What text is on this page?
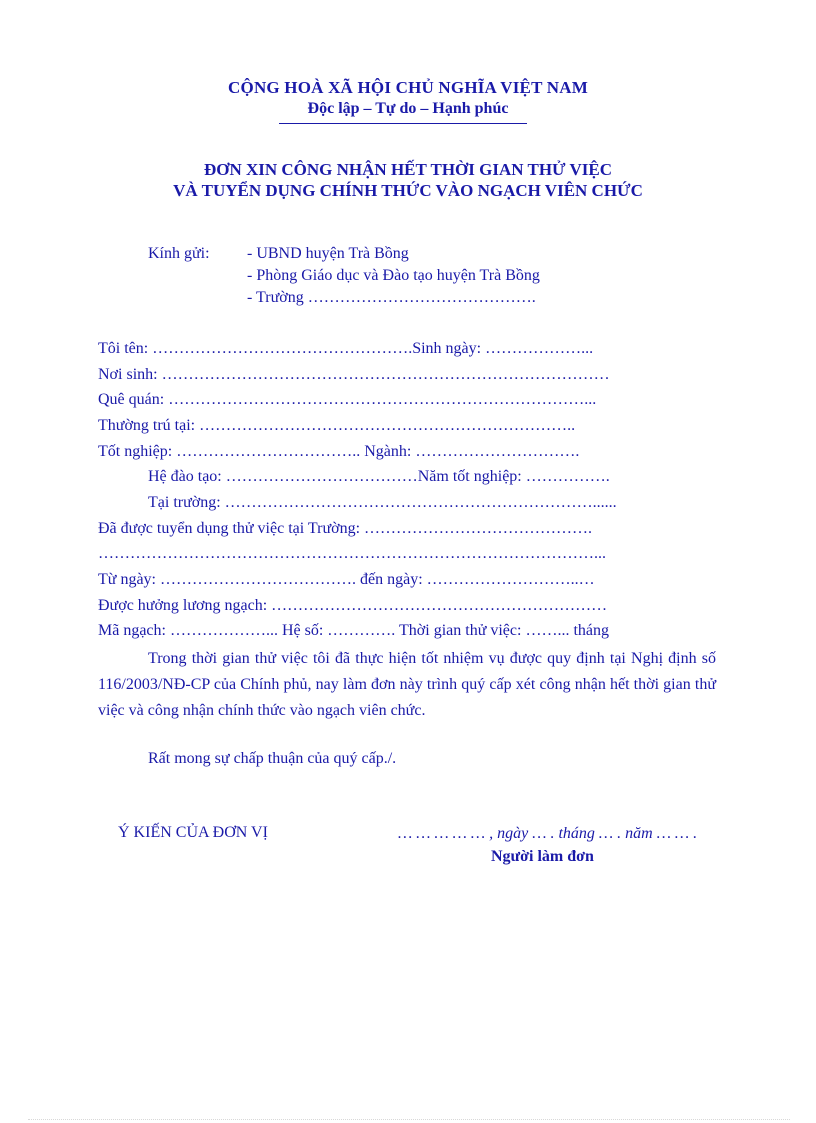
CỘNG HOÀ XÃ HỘI CHỦ NGHĨA VIỆT NAM
Độc lập – Tự do – Hạnh phúc
ĐƠN XIN CÔNG NHẬN HẾT THỜI GIAN THỬ VIỆC
VÀ TUYỂN DỤNG CHÍNH THỨC VÀO NGẠCH VIÊN CHỨC
Kính gửi: - UBND huyện Trà Bồng
- Phòng Giáo dục và Đào tạo huyện Trà Bồng
- Trường …………………………………….
Tôi tên: ………………………………………….Sinh ngày: ………………...
Nơi sinh: …………………………………………………………………………
Quê quán: ……………………………………………………………………...
Thường trú tại: ……………………………………………………………..
Tốt nghiệp: …………………………….. Ngành: ………………………….
Hệ đào tạo: ………………………………Năm tốt nghiệp: …………….
Tại trường: ……………………………………………………………......
Đã được tuyển dụng thử việc tại Trường: …………………………………….
…………………………………………………………………………………...
Từ ngày: ………………………………. đến ngày: ………………………..…
Được hưởng lương ngạch: ………………………………………………………
Mã ngạch: ………………... Hệ số: …………. Thời gian thử việc: ……... tháng
Trong thời gian thử việc tôi đã thực hiện tốt nhiệm vụ được quy định tại Nghị định số 116/2003/NĐ-CP của Chính phủ, nay làm đơn này trình quý cấp xét công nhận hết thời gian thử việc và công nhận chính thức vào ngạch viên chức.
Rất mong sự chấp thuận của quý cấp./.
Ý KIẾN CỦA ĐƠN VỊ	… … … … … , ngày … . tháng … . năm … … .
Người làm đơn
